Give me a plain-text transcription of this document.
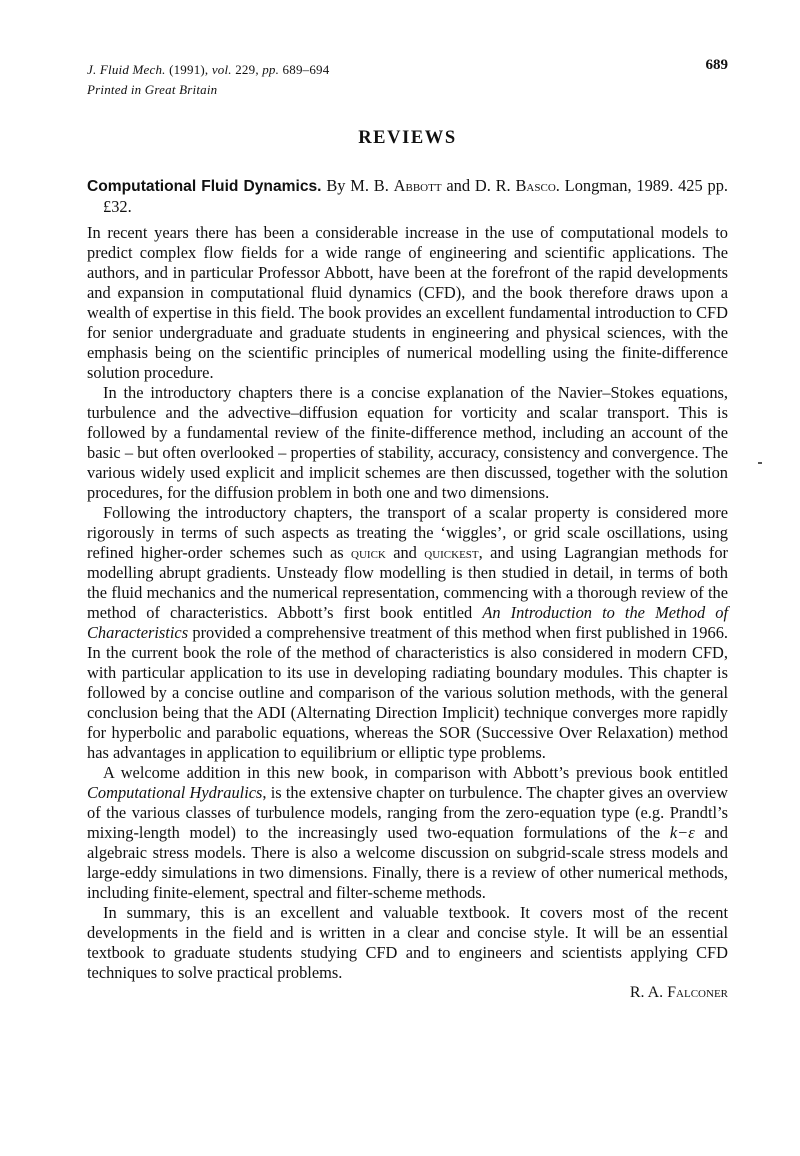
J. Fluid Mech. (1991), vol. 229, pp. 689–694
Printed in Great Britain
689
REVIEWS
Computational Fluid Dynamics. By M. B. Abbott and D. R. Basco. Longman, 1989. 425 pp. £32.

In recent years there has been a considerable increase in the use of computational models to predict complex flow fields for a wide range of engineering and scientific applications. The authors, and in particular Professor Abbott, have been at the forefront of the rapid developments and expansion in computational fluid dynamics (CFD), and the book therefore draws upon a wealth of expertise in this field. The book provides an excellent fundamental introduction to CFD for senior undergraduate and graduate students in engineering and physical sciences, with the emphasis being on the scientific principles of numerical modelling using the finite-difference solution procedure.

In the introductory chapters there is a concise explanation of the Navier–Stokes equations, turbulence and the advective–diffusion equation for vorticity and scalar transport. This is followed by a fundamental review of the finite-difference method, including an account of the basic – but often overlooked – properties of stability, accuracy, consistency and convergence. The various widely used explicit and implicit schemes are then discussed, together with the solution procedures, for the diffusion problem in both one and two dimensions.

Following the introductory chapters, the transport of a scalar property is considered more rigorously in terms of such aspects as treating the ‘wiggles’, or grid scale oscillations, using refined higher-order schemes such as quick and quickest, and using Lagrangian methods for modelling abrupt gradients. Unsteady flow modelling is then studied in detail, in terms of both the fluid mechanics and the numerical representation, commencing with a thorough review of the method of characteristics. Abbott’s first book entitled An Introduction to the Method of Characteristics provided a comprehensive treatment of this method when first published in 1966. In the current book the role of the method of characteristics is also considered in modern CFD, with particular application to its use in developing radiating boundary modules. This chapter is followed by a concise outline and comparison of the various solution methods, with the general conclusion being that the ADI (Alternating Direction Implicit) technique converges more rapidly for hyperbolic and parabolic equations, whereas the SOR (Successive Over Relaxation) method has advantages in application to equilibrium or elliptic type problems.

A welcome addition in this new book, in comparison with Abbott’s previous book entitled Computational Hydraulics, is the extensive chapter on turbulence. The chapter gives an overview of the various classes of turbulence models, ranging from the zero-equation type (e.g. Prandtl’s mixing-length model) to the increasingly used two-equation formulations of the k−ε and algebraic stress models. There is also a welcome discussion on subgrid-scale stress models and large-eddy simulations in two dimensions. Finally, there is a review of other numerical methods, including finite-element, spectral and filter-scheme methods.

In summary, this is an excellent and valuable textbook. It covers most of the recent developments in the field and is written in a clear and concise style. It will be an essential textbook to graduate students studying CFD and to engineers and scientists applying CFD techniques to solve practical problems.

R. A. Falconer
